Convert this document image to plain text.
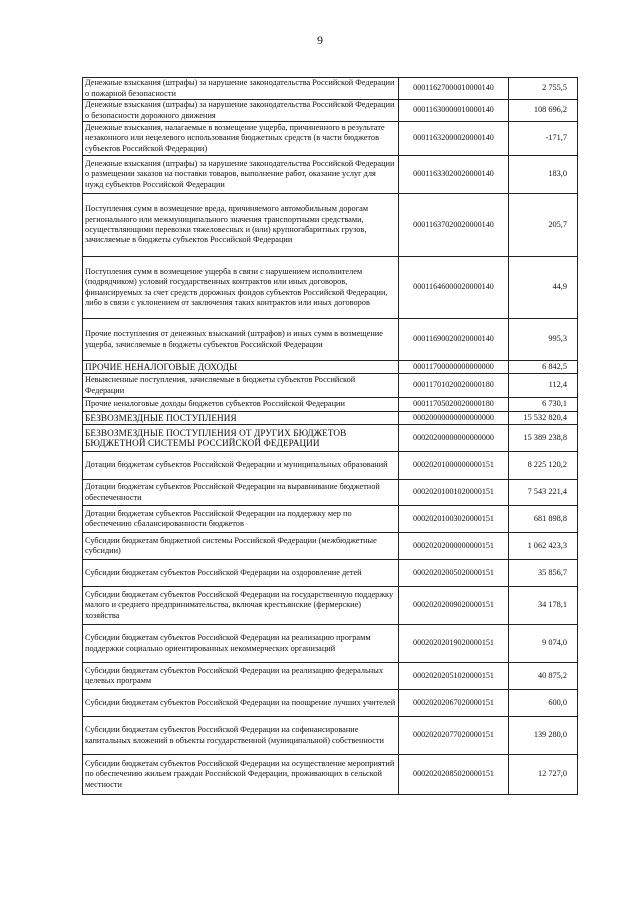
9
Денежные взыскания (штрафы) за нарушение законодательства Российской Федерации о пожарной безопасности	00011627000010000140	2 755,5
Денежные взыскания (штрафы) за нарушение законодательства Российской Федерации о безопасности дорожного движения	00011630000010000140	108 696,2
Денежные взыскания, налагаемые в возмещение ущерба, причиненного в результате незаконного или нецелевого использования бюджетных средств (в части бюджетов субъектов Российской Федерации)	00011632000020000140	-171,7
Денежные взыскания (штрафы) за нарушение законодательства Российской Федерации о размещении заказов на поставки товаров, выполнение работ, оказание услуг для нужд субъектов Российской Федерации	00011633020020000140	183,0
Поступления сумм в возмещение вреда, причиняемого автомобильным дорогам регионального или межмуниципального значения транспортными средствами, осуществляющими перевозки тяжеловесных и (или) крупногабаритных грузов, зачисляемые в бюджеты субъектов Российской Федерации	00011637020020000140	205,7
Поступления сумм в возмещение ущерба в связи с нарушением исполнителем (подрядчиком) условий государственных контрактов или иных договоров, финансируемых за счет средств дорожных фондов субъектов Российской Федерации, либо в связи с уклонением от заключения таких контрактов или иных договоров	00011646000020000140	44,9
Прочие поступления от денежных взысканий (штрафов) и иных сумм в возмещение ущерба, зачисляемые в бюджеты субъектов Российской Федерации	00011690020020000140	995,3
ПРОЧИЕ НЕНАЛОГОВЫЕ ДОХОДЫ	00011700000000000000	6 842,5
Невыясненные поступления, зачисляемые в бюджеты субъектов Российской Федерации	00011701020020000180	112,4
Прочие неналоговые доходы бюджетов субъектов Российской Федерации	00011705020020000180	6 730,1
БЕЗВОЗМЕЗДНЫЕ ПОСТУПЛЕНИЯ	00020000000000000000	15 532 820,4
БЕЗВОЗМЕЗДНЫЕ ПОСТУПЛЕНИЯ ОТ ДРУГИХ БЮДЖЕТОВ БЮДЖЕТНОЙ СИСТЕМЫ РОССИЙСКОЙ ФЕДЕРАЦИИ	00020200000000000000	15 389 238,8
Дотации бюджетам субъектов Российской Федерации и муниципальных образований	00020201000000000151	8 225 120,2
Дотации бюджетам субъектов Российской Федерации на выравнивание бюджетной обеспеченности	00020201001020000151	7 543 221,4
Дотации бюджетам субъектов Российской Федерации на поддержку мер по обеспечению сбалансированности бюджетов	00020201003020000151	681 898,8
Субсидии бюджетам бюджетной системы Российской Федерации (межбюджетные субсидии)	00020202000000000151	1 062 423,3
Субсидии бюджетам субъектов Российской Федерации на оздоровление детей	00020202005020000151	35 856,7
Субсидии бюджетам субъектов Российской Федерации на государственную поддержку малого и среднего предпринимательства, включая крестьянские (фермерские) хозяйства	00020202009020000151	34 178,1
Субсидии бюджетам субъектов Российской Федерации на реализацию программ поддержки социально ориентированных некоммерческих организаций	00020202019020000151	9 074,0
Субсидии бюджетам субъектов Российской Федерации на реализацию федеральных целевых программ	00020202051020000151	40 875,2
Субсидии бюджетам субъектов Российской Федерации на поощрение лучших учителей	00020202067020000151	600,0
Субсидии бюджетам субъектов Российской Федерации на софинансирование капитальных вложений в объекты государственной (муниципальной) собственности	00020202077020000151	139 280,0
Субсидии бюджетам субъектов Российской Федерации на осуществление мероприятий по обеспечению жильем граждан Российской Федерации, проживающих в сельской местности	00020202085020000151	12 727,0
